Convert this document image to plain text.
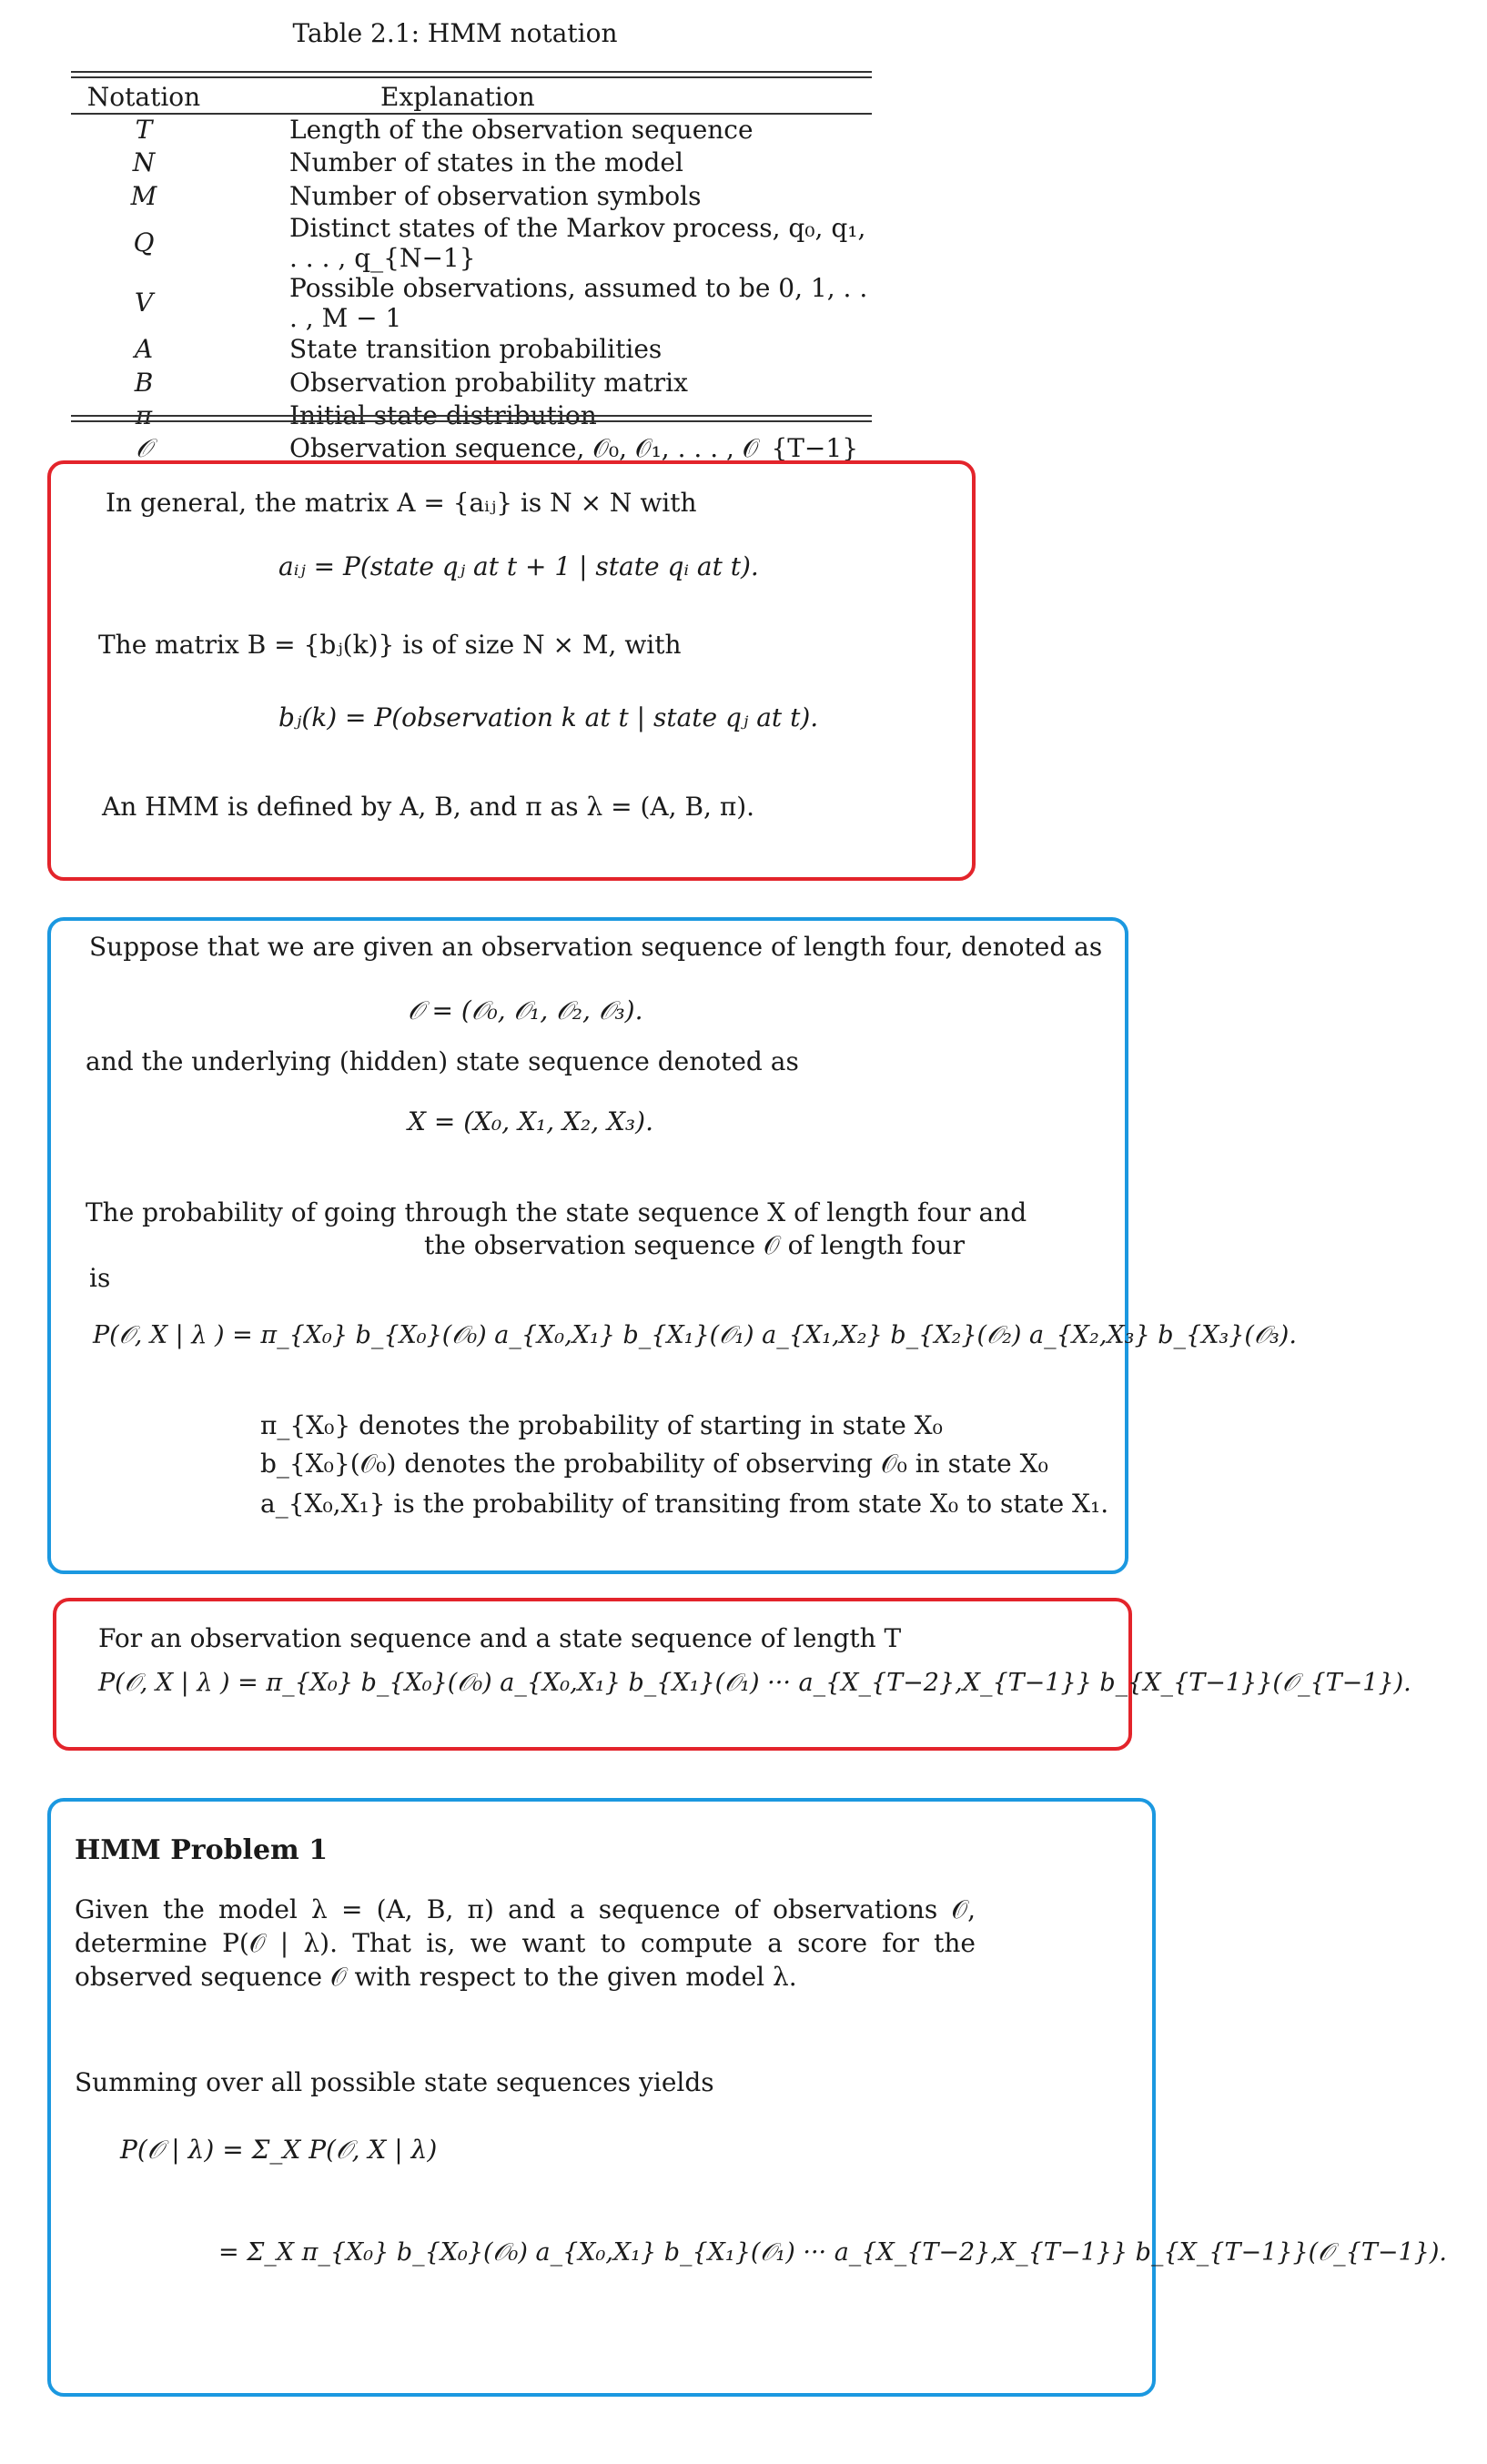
Table 2.1: HMM notation
Notation	Explanation
T	Length of the observation sequence
N	Number of states in the model
M	Number of observation symbols
Q	Distinct states of the Markov process, q₀, q₁, . . . , q_{N−1}
V	Possible observations, assumed to be 0, 1, . . . , M − 1
A	State transition probabilities
B	Observation probability matrix
π	Initial state distribution
𝒪	Observation sequence, 𝒪₀, 𝒪₁, . . . , 𝒪_{T−1}
In general, the matrix A = {aᵢⱼ} is N × N with
aᵢⱼ = P(state qⱼ at t + 1 | state qᵢ at t).
The matrix B = {bⱼ(k)} is of size N × M, with
bⱼ(k) = P(observation k at t | state qⱼ at t).
An HMM is defined by A, B, and π as λ = (A, B, π).
Suppose that we are given an observation sequence of length four, denoted as
𝒪 = (𝒪₀, 𝒪₁, 𝒪₂, 𝒪₃).
and the underlying (hidden) state sequence denoted as
X = (X₀, X₁, X₂, X₃).
The probability of going through the state sequence X of length four and
the observation sequence 𝒪 of length four
is
P(𝒪, X | λ ) = π_{X₀} b_{X₀}(𝒪₀) a_{X₀,X₁} b_{X₁}(𝒪₁) a_{X₁,X₂} b_{X₂}(𝒪₂) a_{X₂,X₃} b_{X₃}(𝒪₃).
π_{X₀} denotes the probability of starting in state X₀
b_{X₀}(𝒪₀) denotes the probability of observing 𝒪₀ in state X₀
a_{X₀,X₁} is the probability of transiting from state X₀ to state X₁.
For an observation sequence and a state sequence of length T
P(𝒪, X | λ ) = π_{X₀} b_{X₀}(𝒪₀) a_{X₀,X₁} b_{X₁}(𝒪₁) ··· a_{X_{T−2},X_{T−1}} b_{X_{T−1}}(𝒪_{T−1}).
HMM Problem 1
Given the model λ = (A, B, π) and a sequence of observations 𝒪, determine P(𝒪 | λ). That is, we want to compute a score for the observed sequence 𝒪 with respect to the given model λ.
Summing over all possible state sequences yields
P(𝒪 | λ) = Σ_X P(𝒪, X | λ)
= Σ_X π_{X₀} b_{X₀}(𝒪₀) a_{X₀,X₁} b_{X₁}(𝒪₁) ··· a_{X_{T−2},X_{T−1}} b_{X_{T−1}}(𝒪_{T−1}).
